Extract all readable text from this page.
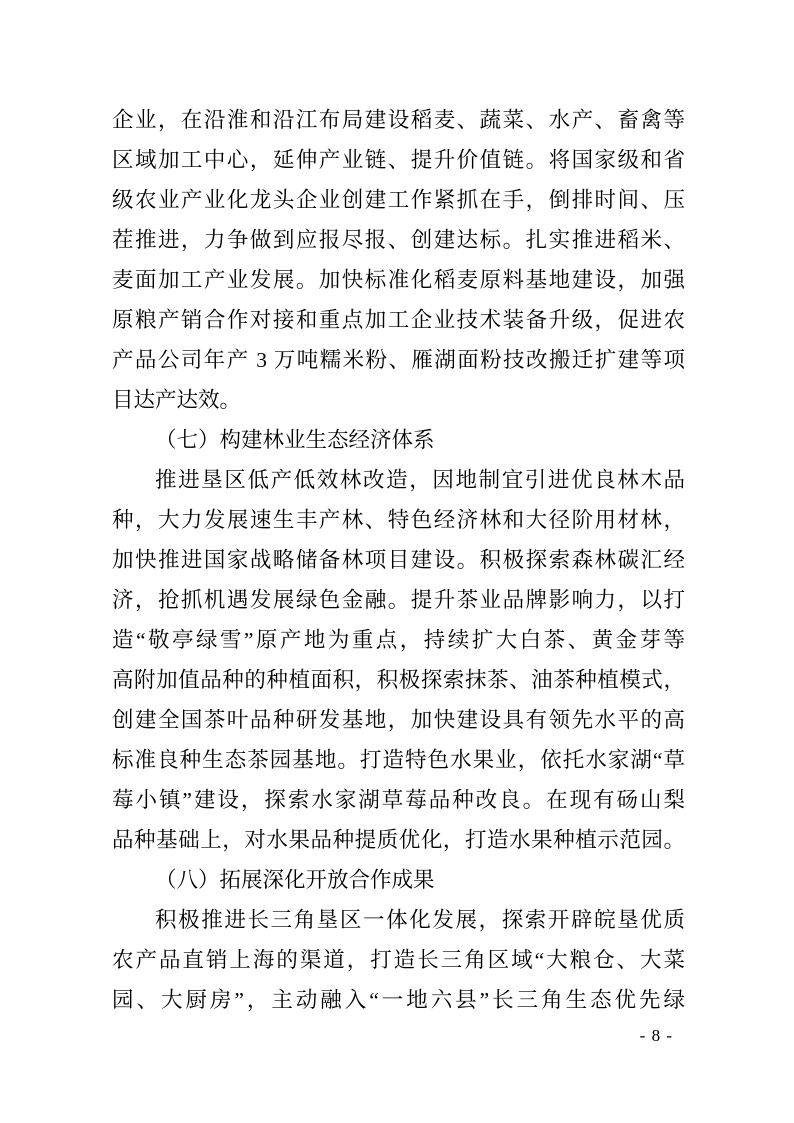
企业，在沿淮和沿江布局建设稻麦、蔬菜、水产、畜禽等
区域加工中心，延伸产业链、提升价值链。将国家级和省
级农业产业化龙头企业创建工作紧抓在手，倒排时间、压
茬推进，力争做到应报尽报、创建达标。扎实推进稻米、
麦面加工产业发展。加快标准化稻麦原料基地建设，加强
原粮产销合作对接和重点加工企业技术装备升级，促进农
产品公司年产 3 万吨糯米粉、雁湖面粉技改搬迁扩建等项
目达产达效。
（七）构建林业生态经济体系
推进垦区低产低效林改造，因地制宜引进优良林木品
种，大力发展速生丰产林、特色经济林和大径阶用材林，
加快推进国家战略储备林项目建设。积极探索森林碳汇经
济，抢抓机遇发展绿色金融。提升茶业品牌影响力，以打
造“敬亭绿雪”原产地为重点，持续扩大白茶、黄金芽等
高附加值品种的种植面积，积极探索抹茶、油茶种植模式，
创建全国茶叶品种研发基地，加快建设具有领先水平的高
标准良种生态茶园基地。打造特色水果业，依托水家湖“草
莓小镇”建设，探索水家湖草莓品种改良。在现有砀山梨
品种基础上，对水果品种提质优化，打造水果种植示范园。
（八）拓展深化开放合作成果
积极推进长三角垦区一体化发展，探索开辟皖垦优质
农产品直销上海的渠道，打造长三角区域“大粮仓、大菜
园、大厨房”，主动融入“一地六县”长三角生态优先绿
- 8 -
